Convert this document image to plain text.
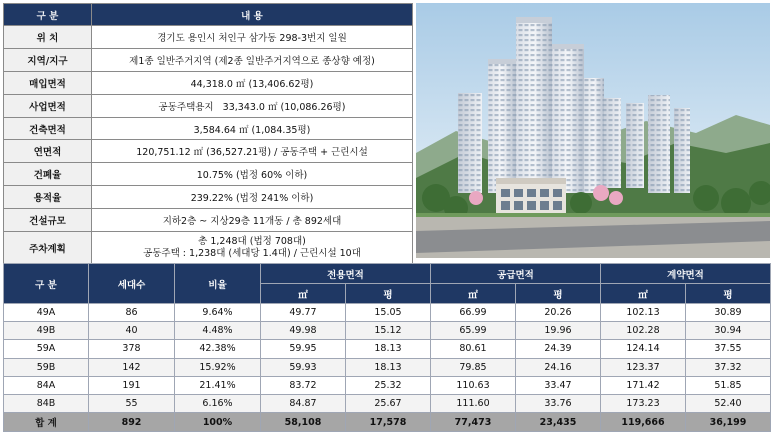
구 분	내 용
위 치	경기도 용인시 처인구 삼가동 298-3번지 일원
지역/지구	제1종 일반주거지역 (제2종 일반주거지역으로 종상향 예정)
매입면적	44,318.0 ㎡ (13,406.62평)
사업면적	공동주택용지   33,343.0 ㎡ (10,086.26평)
건축면적	3,584.64 ㎡ (1,084.35평)
연면적	120,751.12 ㎡ (36,527.21평) / 공동주택 + 근린시설
건폐율	10.75% (법정 60% 이하)
용적율	239.22% (법정 241% 이하)
건설규모	지하2층 ~ 지상29층 11개동 / 총 892세대
주차계획	총 1,248대 (법정 708대)
공동주택 : 1,238대 (세대당 1.4대) / 근린시설 10대
구 분	세대수	비율	전용면적		공급면적		계약면적	
			㎡	평	㎡	평	㎡	평
49A	86	9.64%	49.77	15.05	66.99	20.26	102.13	30.89
49B	40	4.48%	49.98	15.12	65.99	19.96	102.28	30.94
59A	378	42.38%	59.95	18.13	80.61	24.39	124.14	37.55
59B	142	15.92%	59.93	18.13	79.85	24.16	123.37	37.32
84A	191	21.41%	83.72	25.32	110.63	33.47	171.42	51.85
84B	55	6.16%	84.87	25.67	111.60	33.76	173.23	52.40
합 계	892	100%	58,108	17,578	77,473	23,435	119,666	36,199
